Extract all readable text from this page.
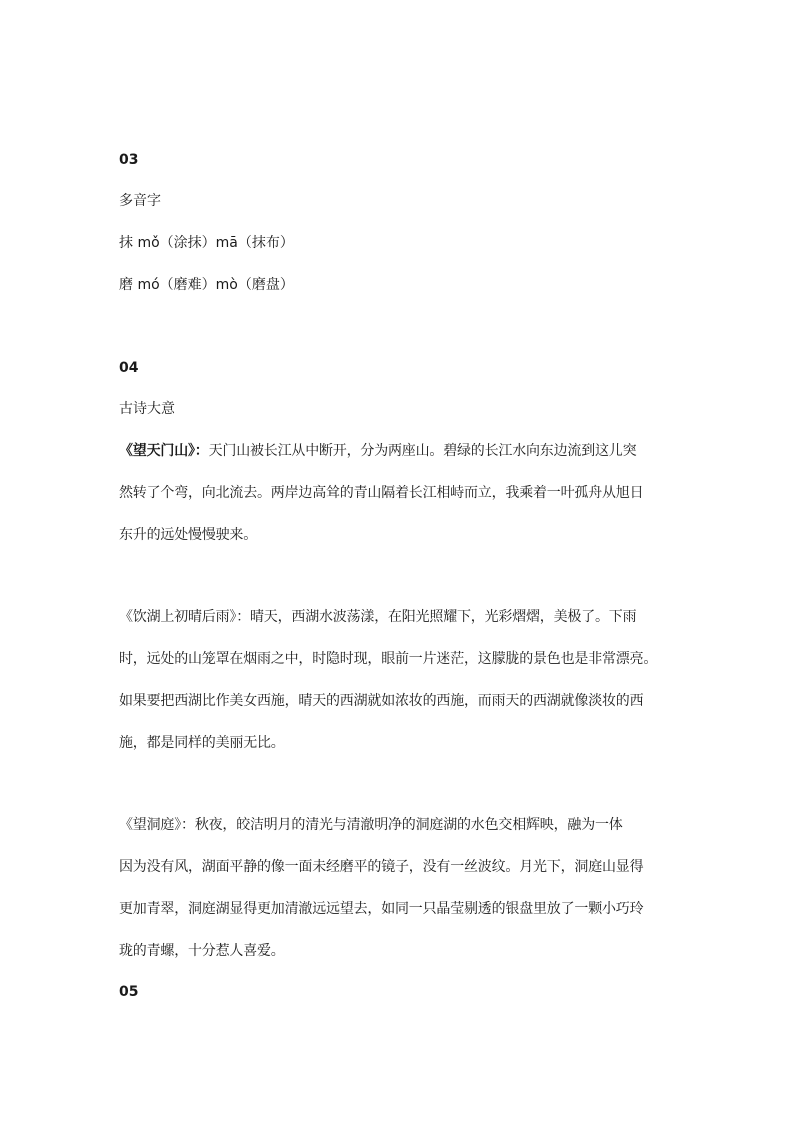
03
多音字
抹 mǒ（涂抹）mā（抹布）
磨 mó（磨难）mò（磨盘）
04
古诗大意
《望天门山》：天门山被长江从中断开，分为两座山。碧绿的长江水向东边流到这儿突
然转了个弯，向北流去。两岸边高耸的青山隔着长江相峙而立，我乘着一叶孤舟从旭日
东升的远处慢慢驶来。
《饮湖上初晴后雨》：晴天，西湖水波荡漾，在阳光照耀下，光彩熠熠，美极了。下雨
时，远处的山笼罩在烟雨之中，时隐时现，眼前一片迷茫，这朦胧的景色也是非常漂亮。
如果要把西湖比作美女西施，晴天的西湖就如浓妆的西施，而雨天的西湖就像淡妆的西
施，都是同样的美丽无比。
《望洞庭》：秋夜，皎洁明月的清光与清澈明净的洞庭湖的水色交相辉映，融为一体
因为没有风，湖面平静的像一面未经磨平的镜子，没有一丝波纹。月光下，洞庭山显得
更加青翠，洞庭湖显得更加清澈远远望去，如同一只晶莹剔透的银盘里放了一颗小巧玲
珑的青螺，十分惹人喜爱。
05
